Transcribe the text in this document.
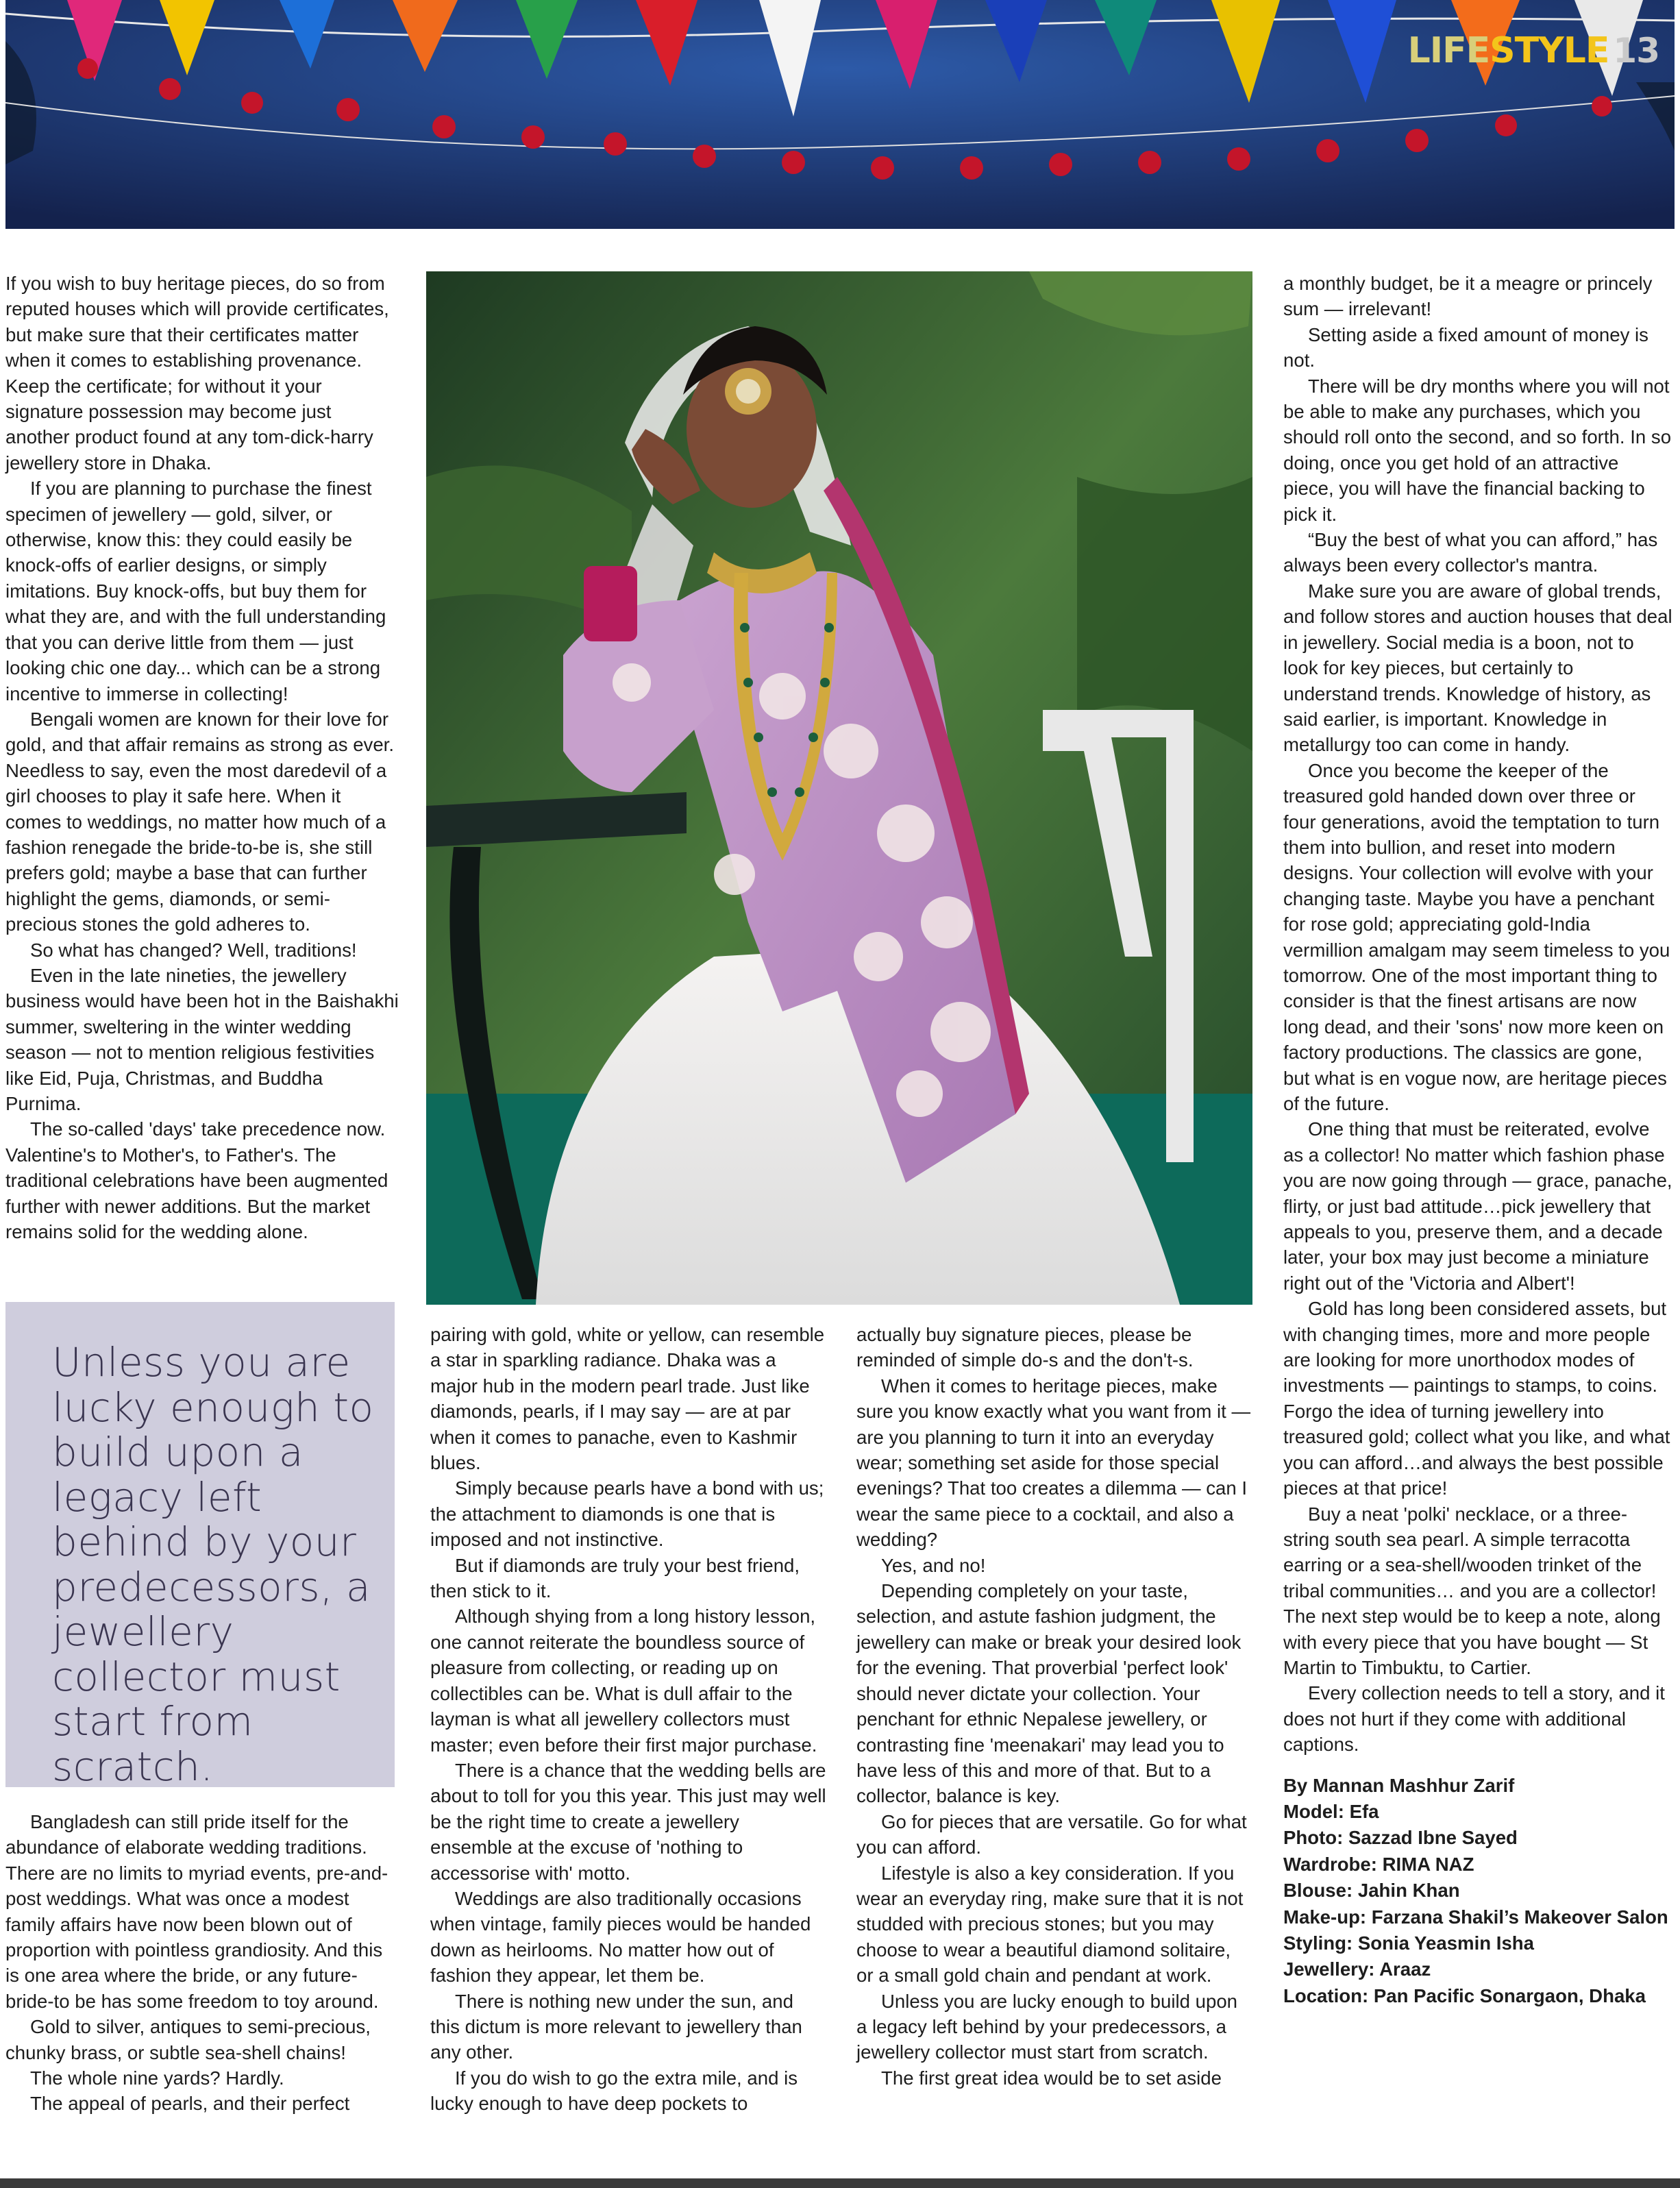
LIFESTYLE 13

If you wish to buy heritage pieces, do so from reputed houses which will provide certificates, but make sure that their certificates matter when it comes to establishing provenance. Keep the certificate; for without it your signature possession may become just another product found at any tom-dick-harry jewellery store in Dhaka.

If you are planning to purchase the finest specimen of jewellery — gold, silver, or otherwise, know this: they could easily be knock-offs of earlier designs, or simply imitations. Buy knock-offs, but buy them for what they are, and with the full understanding that you can derive little from them — just looking chic one day... which can be a strong incentive to immerse in collecting!

Bengali women are known for their love for gold, and that affair remains as strong as ever. Needless to say, even the most daredevil of a girl chooses to play it safe here. When it comes to weddings, no matter how much of a fashion renegade the bride-to-be is, she still prefers gold; maybe a base that can further highlight the gems, diamonds, or semi-precious stones the gold adheres to.

So what has changed? Well, traditions!

Even in the late nineties, the jewellery business would have been hot in the Baishakhi summer, sweltering in the winter wedding season — not to mention religious festivities like Eid, Puja, Christmas, and Buddha Purnima.

The so-called 'days' take precedence now. Valentine's to Mother's, to Father's. The traditional celebrations have been augmented further with newer additions. But the market remains solid for the wedding alone.

Unless you are lucky enough to build upon a legacy left behind by your predecessors, a jewellery collector must start from scratch.

Bangladesh can still pride itself for the abundance of elaborate wedding traditions. There are no limits to myriad events, pre-and-post weddings. What was once a modest family affairs have now been blown out of proportion with pointless grandiosity. And this is one area where the bride, or any future-bride-to be has some freedom to toy around.

Gold to silver, antiques to semi-precious, chunky brass, or subtle sea-shell chains!

The whole nine yards? Hardly.

The appeal of pearls, and their perfect

pairing with gold, white or yellow, can resemble a star in sparkling radiance. Dhaka was a major hub in the modern pearl trade. Just like diamonds, pearls, if I may say — are at par when it comes to panache, even to Kashmir blues.

Simply because pearls have a bond with us; the attachment to diamonds is one that is imposed and not instinctive.

But if diamonds are truly your best friend, then stick to it.

Although shying from a long history lesson, one cannot reiterate the boundless source of pleasure from collecting, or reading up on collectibles can be. What is dull affair to the layman is what all jewellery collectors must master; even before their first major purchase.

There is a chance that the wedding bells are about to toll for you this year. This just may well be the right time to create a jewellery ensemble at the excuse of 'nothing to accessorise with' motto.

Weddings are also traditionally occasions when vintage, family pieces would be handed down as heirlooms. No matter how out of fashion they appear, let them be.

There is nothing new under the sun, and this dictum is more relevant to jewellery than any other.

If you do wish to go the extra mile, and is lucky enough to have deep pockets to

actually buy signature pieces, please be reminded of simple do-s and the don't-s.

When it comes to heritage pieces, make sure you know exactly what you want from it — are you planning to turn it into an everyday wear; something set aside for those special evenings? That too creates a dilemma — can I wear the same piece to a cocktail, and also a wedding?

Yes, and no!

Depending completely on your taste, selection, and astute fashion judgment, the jewellery can make or break your desired look for the evening. That proverbial 'perfect look' should never dictate your collection. Your penchant for ethnic Nepalese jewellery, or contrasting fine 'meenakari' may lead you to have less of this and more of that. But to a collector, balance is key.

Go for pieces that are versatile. Go for what you can afford.

Lifestyle is also a key consideration. If you wear an everyday ring, make sure that it is not studded with precious stones; but you may choose to wear a beautiful diamond solitaire, or a small gold chain and pendant at work.

Unless you are lucky enough to build upon a legacy left behind by your predecessors, a jewellery collector must start from scratch.

The first great idea would be to set aside

a monthly budget, be it a meagre or princely sum — irrelevant!

Setting aside a fixed amount of money is not.

There will be dry months where you will not be able to make any purchases, which you should roll onto the second, and so forth. In so doing, once you get hold of an attractive piece, you will have the financial backing to pick it.

“Buy the best of what you can afford,” has always been every collector's mantra.

Make sure you are aware of global trends, and follow stores and auction houses that deal in jewellery. Social media is a boon, not to look for key pieces, but certainly to understand trends. Knowledge of history, as said earlier, is important. Knowledge in metallurgy too can come in handy.

Once you become the keeper of the treasured gold handed down over three or four generations, avoid the temptation to turn them into bullion, and reset into modern designs. Your collection will evolve with your changing taste. Maybe you have a penchant for rose gold; appreciating gold-India vermillion amalgam may seem timeless to you tomorrow. One of the most important thing to consider is that the finest artisans are now long dead, and their 'sons' now more keen on factory productions. The classics are gone, but what is en vogue now, are heritage pieces of the future.

One thing that must be reiterated, evolve as a collector! No matter which fashion phase you are now going through — grace, panache, flirty, or just bad attitude…pick jewellery that appeals to you, preserve them, and a decade later, your box may just become a miniature right out of the 'Victoria and Albert'!

Gold has long been considered assets, but with changing times, more and more people are looking for more unorthodox modes of investments — paintings to stamps, to coins. Forgo the idea of turning jewellery into treasured gold; collect what you like, and what you can afford…and always the best possible pieces at that price!

Buy a neat 'polki' necklace, or a three-string south sea pearl. A simple terracotta earring or a sea-shell/wooden trinket of the tribal communities… and you are a collector! The next step would be to keep a note, along with every piece that you have bought — St Martin to Timbuktu, to Cartier.

Every collection needs to tell a story, and it does not hurt if they come with additional captions.

By Mannan Mashhur Zarif
Model: Efa
Photo: Sazzad Ibne Sayed
Wardrobe: RIMA NAZ
Blouse: Jahin Khan
Make-up: Farzana Shakil’s Makeover Salon
Styling: Sonia Yeasmin Isha
Jewellery: Araaz
Location: Pan Pacific Sonargaon, Dhaka
